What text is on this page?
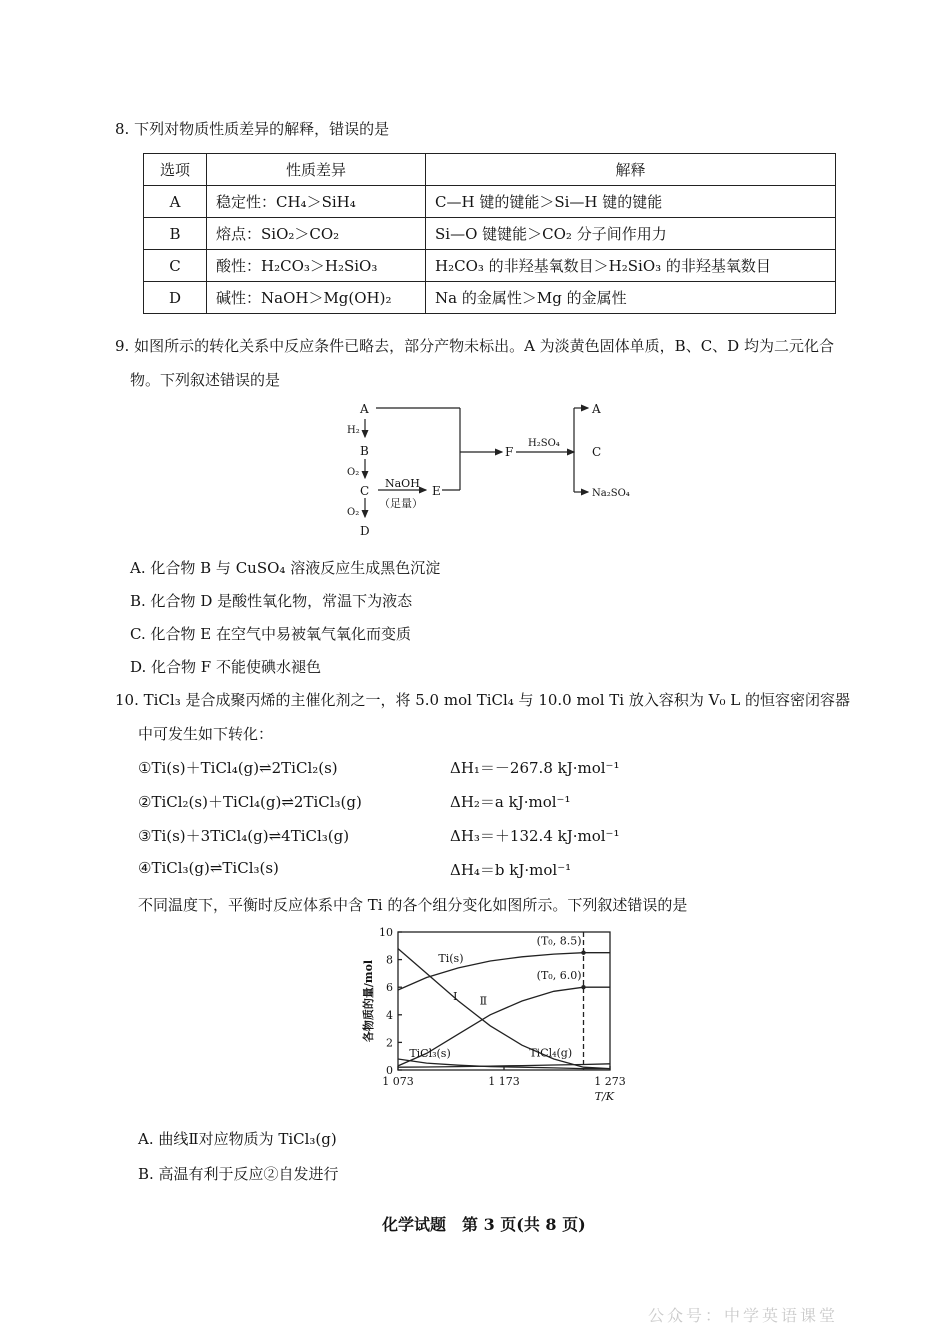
8. 下列对物质性质差异的解释，错误的是
选项	性质差异	解释
A	稳定性：CH₄＞SiH₄	C—H 键的键能＞Si—H 键的键能
B	熔点：SiO₂＞CO₂	Si—O 键键能＞CO₂ 分子间作用力
C	酸性：H₂CO₃＞H₂SiO₃	H₂CO₃ 的非羟基氧数目＞H₂SiO₃ 的非羟基氧数目
D	碱性：NaOH＞Mg(OH)₂	Na 的金属性＞Mg 的金属性
9. 如图所示的转化关系中反应条件已略去，部分产物未标出。A 为淡黄色固体单质，B、C、D 均为二元化合
物。下列叙述错误的是
A
H₂
B
O₂
C
NaOH
（足量）
E
O₂
D
F
H₂SO₄
A
C
Na₂SO₄
A. 化合物 B 与 CuSO₄ 溶液反应生成黑色沉淀
B. 化合物 D 是酸性氧化物，常温下为液态
C. 化合物 E 在空气中易被氧气氧化而变质
D. 化合物 F 不能使碘水褪色
10. TiCl₃ 是合成聚丙烯的主催化剂之一，将 5.0 mol TiCl₄ 与 10.0 mol Ti 放入容积为 V₀ L 的恒容密闭容器
中可发生如下转化：
①Ti(s)＋TiCl₄(g)⇌2TiCl₂(s)	ΔH₁＝－267.8 kJ·mol⁻¹
②TiCl₂(s)＋TiCl₄(g)⇌2TiCl₃(g)	ΔH₂＝a kJ·mol⁻¹
③Ti(s)＋3TiCl₄(g)⇌4TiCl₃(g)	ΔH₃＝＋132.4 kJ·mol⁻¹
④TiCl₃(g)⇌TiCl₃(s)	ΔH₄＝b kJ·mol⁻¹
不同温度下，平衡时反应体系中含 Ti 的各个组分变化如图所示。下列叙述错误的是
0
2
4
6
8
10
1 073	1 173	1 273
T/K
各物质的量/mol
Ti(s)
(T₀, 8.5)
Ⅰ Ⅱ
(T₀, 6.0)
TiCl₃(s)	TiCl₄(g)
A. 曲线Ⅱ对应物质为 TiCl₃(g)
B. 高温有利于反应②自发进行
化学试题　第 3 页(共 8 页)
公众号：中学英语课堂
